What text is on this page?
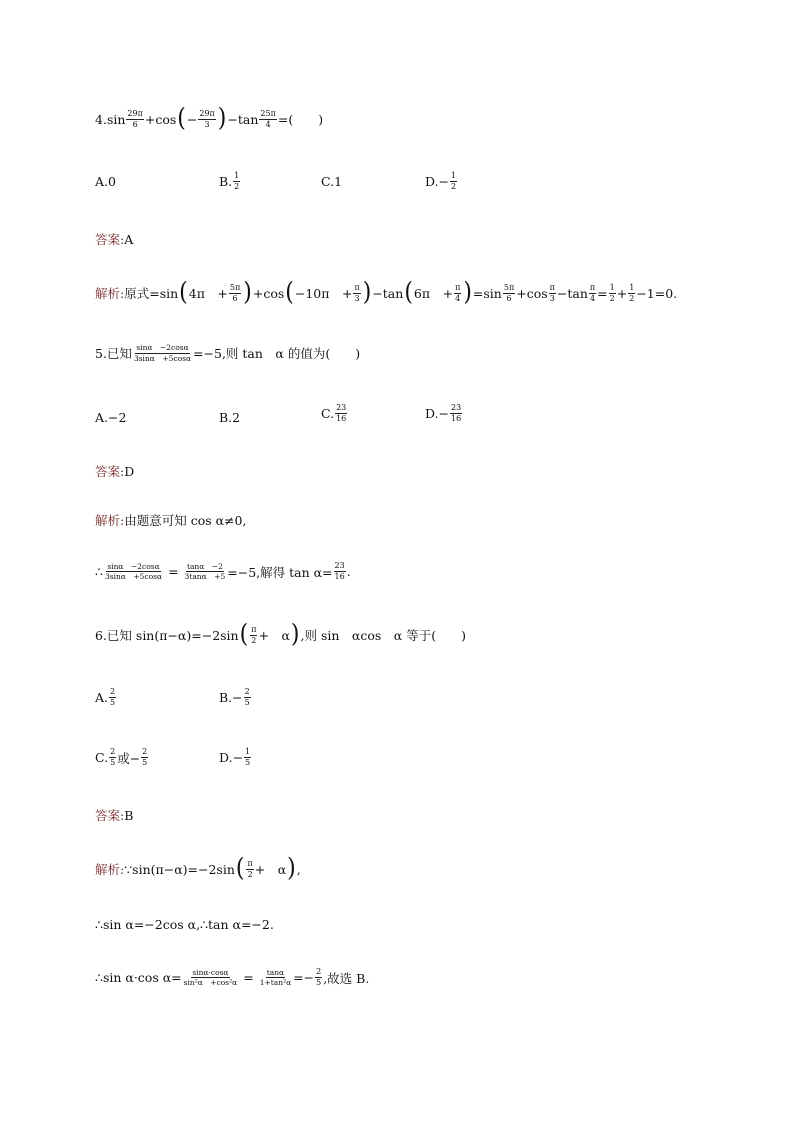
4. $\sin \frac{29\pi}{6} + \cos$ ( − $\frac{29\pi}{3}$ ) − $\tan \frac{25\pi}{4}$ =(　　)
A. 0	B. $\frac{1}{2}$	C. 1	D. − $\frac{1}{2}$
答案: A
解析: 原式=sin ( 4π　+ $\frac{5\pi}{6}$ ) +cos ( −10π　+ $\frac{\pi}{3}$ ) −tan ( 6π　+ $\frac{\pi}{4}$ ) $=\sin \frac{5\pi}{6} +\cos \frac{\pi}{3} -\tan \frac{\pi}{4} = \frac{1}{2} + \frac{1}{2} -1=0$.
5.已知 $\frac{\sin\alpha -2\cos\alpha}{3\sin\alpha +5\cos\alpha} =-5$,则 tan　α 的值为(　　)
A. −2	B. 2	C. $\frac{23}{16}$	D. − $\frac{23}{16}$
答案: D
解析: 由题意可知 cos α≠0,
∴ $\frac{\sin\alpha -2\cos\alpha}{3\sin\alpha +5\cos\alpha} = \frac{\tan\alpha -2}{3\tan\alpha +5} =-5$,解得 $\tan \alpha= \frac{23}{16}$ .
6.已知 sin(π−α)=−2sin ( $\frac{\pi}{2}$ +　α ) ,则 sin　αcos　α 等于(　　)
A. $\frac{2}{5}$	B. − $\frac{2}{5}$
C. $\frac{2}{5}$ 或− $\frac{2}{5}$	D. − $\frac{1}{5}$
答案: B
解析: ∵sin(π−α)=−2sin ( $\frac{\pi}{2}$ +　α ) ,
∴sin α=−2cos α,∴tan α=−2.
∴sin α·cos $\alpha= \frac{\sin\alpha\cdot\cos\alpha}{\text{sin²α　+cos²α}} = \frac{\tan\alpha}{\text{1+tan²α}} =- \frac{2}{5}$ ,故选 B.
